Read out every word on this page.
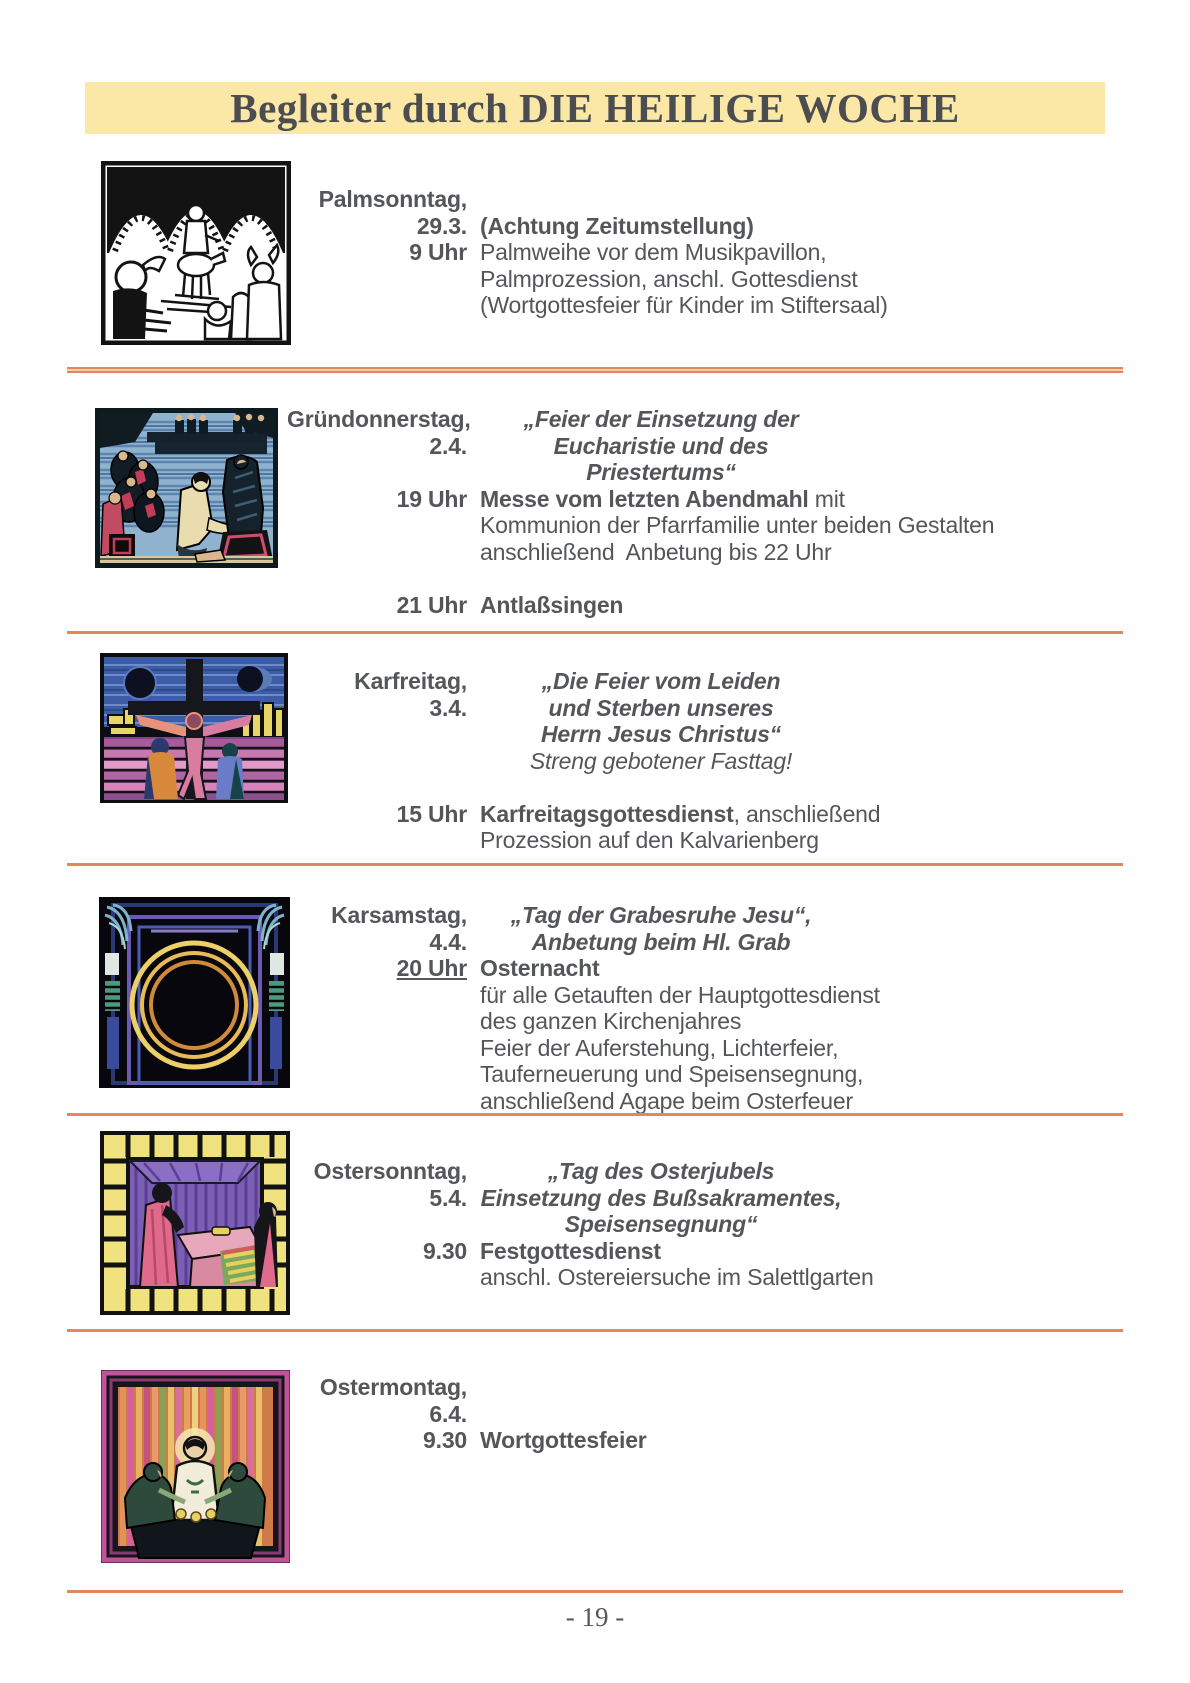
Begleiter durch DIE HEILIGE WOCHE
Palmsonntag,
29.3. (Achtung Zeitumstellung)
9 Uhr Palmweihe vor dem Musikpavillon,
Palmprozession, anschl. Gottesdienst
(Wortgottesfeier für Kinder im Stiftersaal)
Gründonnerstag,	„Feier der Einsetzung der
2.4.	Eucharistie und des
Priestertums“
19 Uhr Messe vom letzten Abendmahl mit
Kommunion der Pfarrfamilie unter beiden Gestalten
anschließend  Anbetung bis 22 Uhr
21 Uhr Antlaßsingen
Karfreitag,	„Die Feier vom Leiden
3.4.	und Sterben unseres
Herrn Jesus Christus“
Streng gebotener Fasttag!
15 Uhr Karfreitagsgottesdienst, anschließend
Prozession auf den Kalvarienberg
Karsamstag,	„Tag der Grabesruhe Jesu“,
4.4.	Anbetung beim Hl. Grab
20 Uhr Osternacht
für alle Getauften der Hauptgottesdienst
des ganzen Kirchenjahres
Feier der Auferstehung, Lichterfeier,
Tauferneuerung und Speisensegnung,
anschließend Agape beim Osterfeuer
Ostersonntag,	„Tag des Osterjubels
5.4. Einsetzung des Bußsakramentes,
Speisensegnung“
9.30 Festgottesdienst
anschl. Ostereiersuche im Salettlgarten
Ostermontag,
6.4.
9.30 Wortgottesfeier
- 19 -
